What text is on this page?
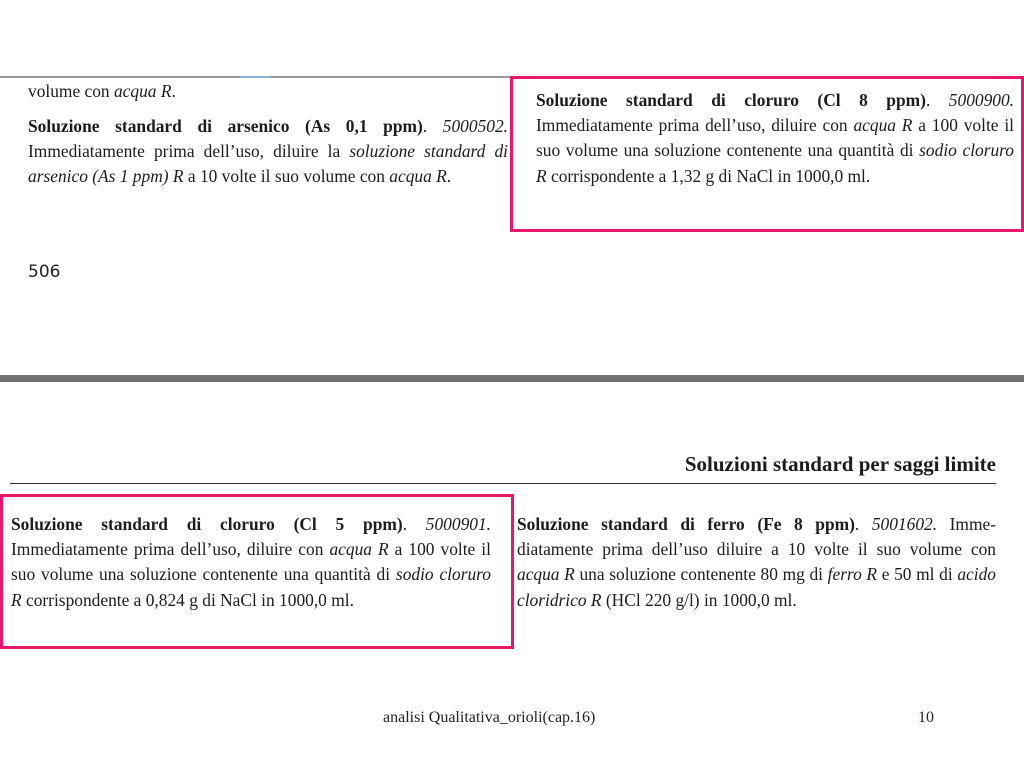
volume con acqua R.

Soluzione standard di arsenico (As 0,1 ppm). 5000502. Immediatamente prima dell’uso, diluire la soluzione standard di arsenico (As 1 ppm) R a 10 volte il suo volume con acqua R.

Soluzione standard di cloruro (Cl 8 ppm). 5000900. Immediatamente prima dell’uso, diluire con acqua R a 100 volte il suo volume una soluzione contenente una quantità di sodio cloruro R corrispondente a 1,32 g di NaCl in 1000,0 ml.

506
Soluzioni standard per saggi limite

Soluzione standard di cloruro (Cl 5 ppm). 5000901. Immediatamente prima dell’uso, diluire con acqua R a 100 volte il suo volume una soluzione contenente una quantità di sodio cloruro R corrispondente a 0,824 g di NaCl in 1000,0 ml.

Soluzione standard di ferro (Fe 8 ppm). 5001602. Imme-diatamente prima dell’uso diluire a 10 volte il suo volume con acqua R una soluzione contenente 80 mg di ferro R e 50 ml di acido cloridrico R (HCl 220 g/l) in 1000,0 ml.

analisi Qualitativa_orioli(cap.16)	10
